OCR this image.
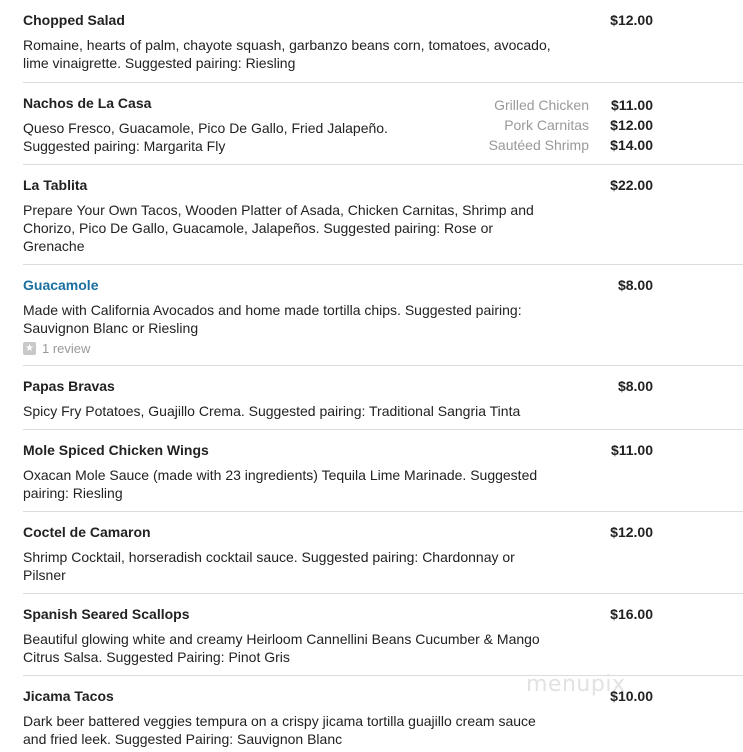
Chopped Salad	$12.00
Romaine, hearts of palm, chayote squash, garbanzo beans corn, tomatoes, avocado, lime vinaigrette. Suggested pairing: Riesling
Nachos de La Casa
Queso Fresco, Guacamole, Pico De Gallo, Fried Jalapeño. Suggested pairing: Margarita Fly
Grilled Chicken $11.00
Pork Carnitas $12.00
Sautéed Shrimp $14.00
La Tablita	$22.00
Prepare Your Own Tacos, Wooden Platter of Asada, Chicken Carnitas, Shrimp and Chorizo, Pico De Gallo, Guacamole, Jalapeños. Suggested pairing: Rose or Grenache
Guacamole	$8.00
Made with California Avocados and home made tortilla chips. Suggested pairing: Sauvignon Blanc or Riesling
★ 1 review
Papas Bravas	$8.00
Spicy Fry Potatoes, Guajillo Crema. Suggested pairing: Traditional Sangria Tinta
Mole Spiced Chicken Wings	$11.00
Oxacan Mole Sauce (made with 23 ingredients) Tequila Lime Marinade. Suggested pairing: Riesling
Coctel de Camaron	$12.00
Shrimp Cocktail, horseradish cocktail sauce. Suggested pairing: Chardonnay or Pilsner
Spanish Seared Scallops	$16.00
Beautiful glowing white and creamy Heirloom Cannellini Beans Cucumber & Mango Citrus Salsa. Suggested Pairing: Pinot Gris
Jicama Tacos	$10.00
Dark beer battered veggies tempura on a crispy jicama tortilla guajillo cream sauce and fried leek. Suggested Pairing: Sauvignon Blanc
menupix
